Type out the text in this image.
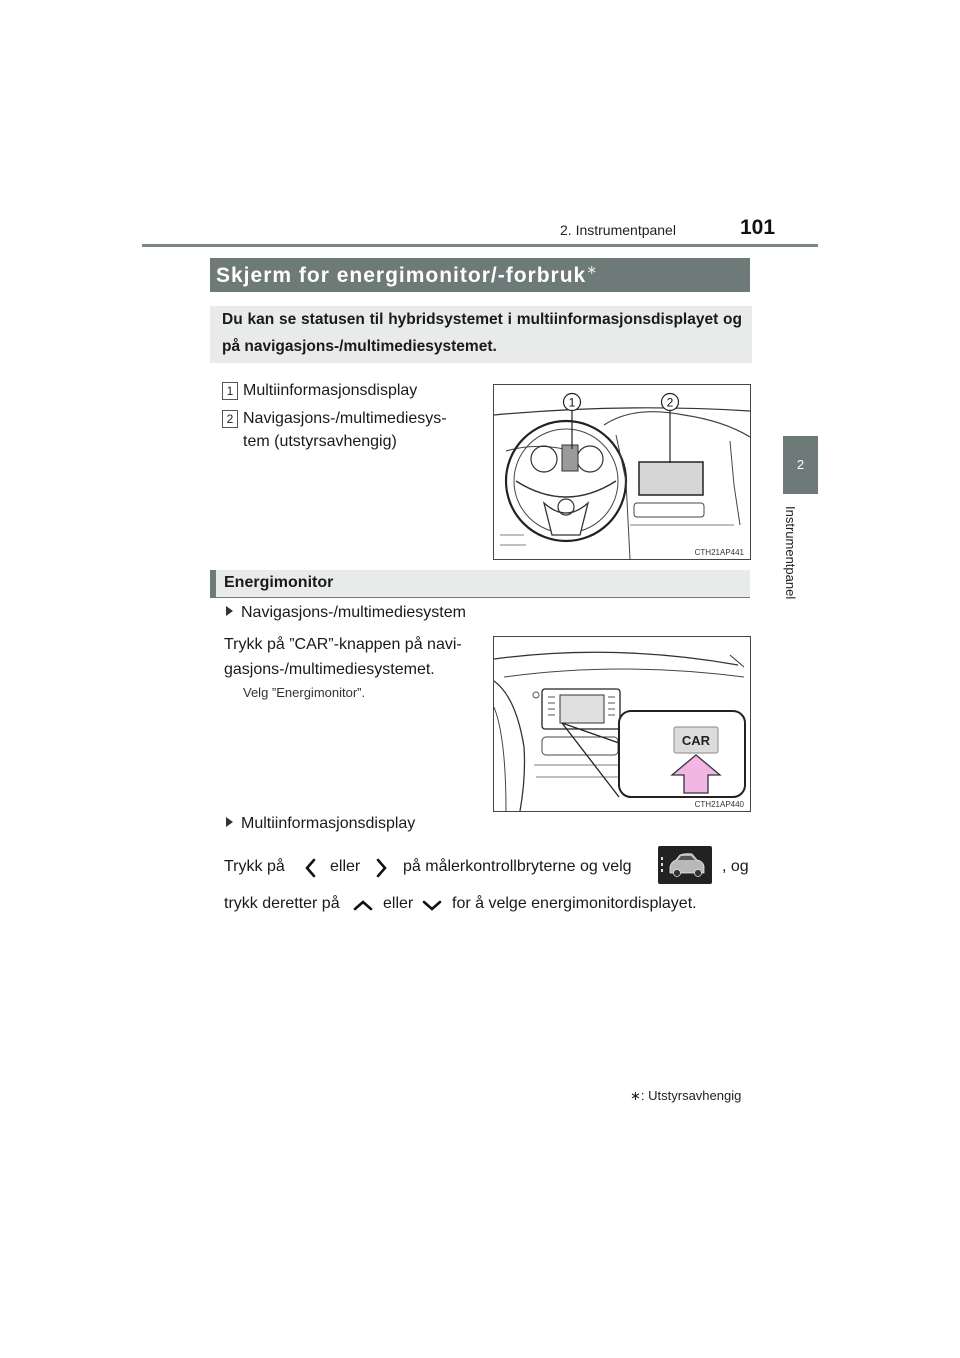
2. Instrumentpanel	101
2
Instrumentpanel
Skjerm for energimonitor/-forbruk∗
Du kan se statusen til hybridsystemet i multiinformasjonsdisplayet og på navigasjons-/multimediesystemet.
1 Multiinformasjonsdisplay
2 Navigasjons-/multimediesys-
tem (utstyrsavhengig)
1	2
CTH21AP441
Energimonitor
Navigasjons-/multimediesystem
Trykk på ”CAR”-knappen på navi-
gasjons-/multimediesystemet.
Velg ”Energimonitor”.
CAR
CTH21AP440
Multiinformasjonsdisplay
Trykk på	eller	på målerkontrollbryterne og velg	, og
trykk deretter på	eller for å velge energimonitordisplayet.
∗: Utstyrsavhengig
